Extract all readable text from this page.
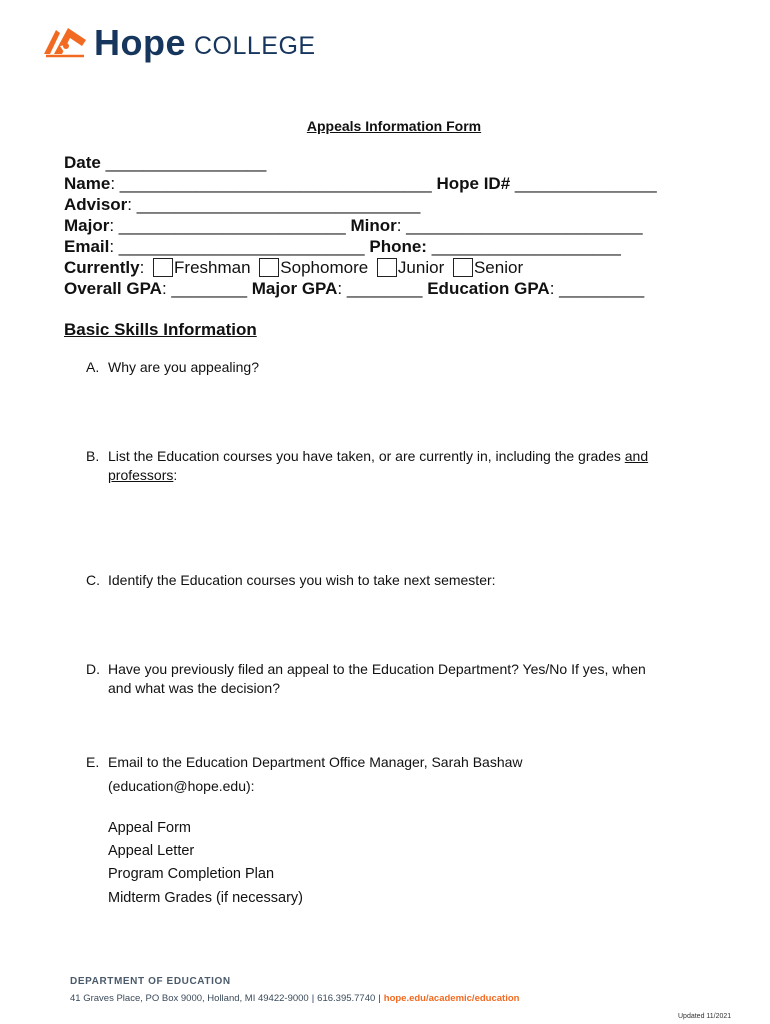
Hope COLLEGE
Appeals Information Form
Date _________________
Name: _________________________________ Hope ID# _______________
Advisor: ______________________________
Major: ________________________ Minor: _________________________
Email: __________________________ Phone: ____________________
Currently: Freshman Sophomore Junior Senior
Overall GPA: ________ Major GPA: ________ Education GPA: _________
Basic Skills Information
A. Why are you appealing?
B. List the Education courses you have taken, or are currently in, including the grades and
professors:
C. Identify the Education courses you wish to take next semester:
D. Have you previously filed an appeal to the Education Department? Yes/No If yes, when
and what was the decision?
E. Email to the Education Department Office Manager, Sarah Bashaw
(education@hope.edu):
Appeal Form
Appeal Letter
Program Completion Plan
Midterm Grades (if necessary)
DEPARTMENT OF EDUCATION
41 Graves Place, PO Box 9000, Holland, MI 49422-9000 | 616.395.7740 | hope.edu/academic/education
Updated 11/2021
